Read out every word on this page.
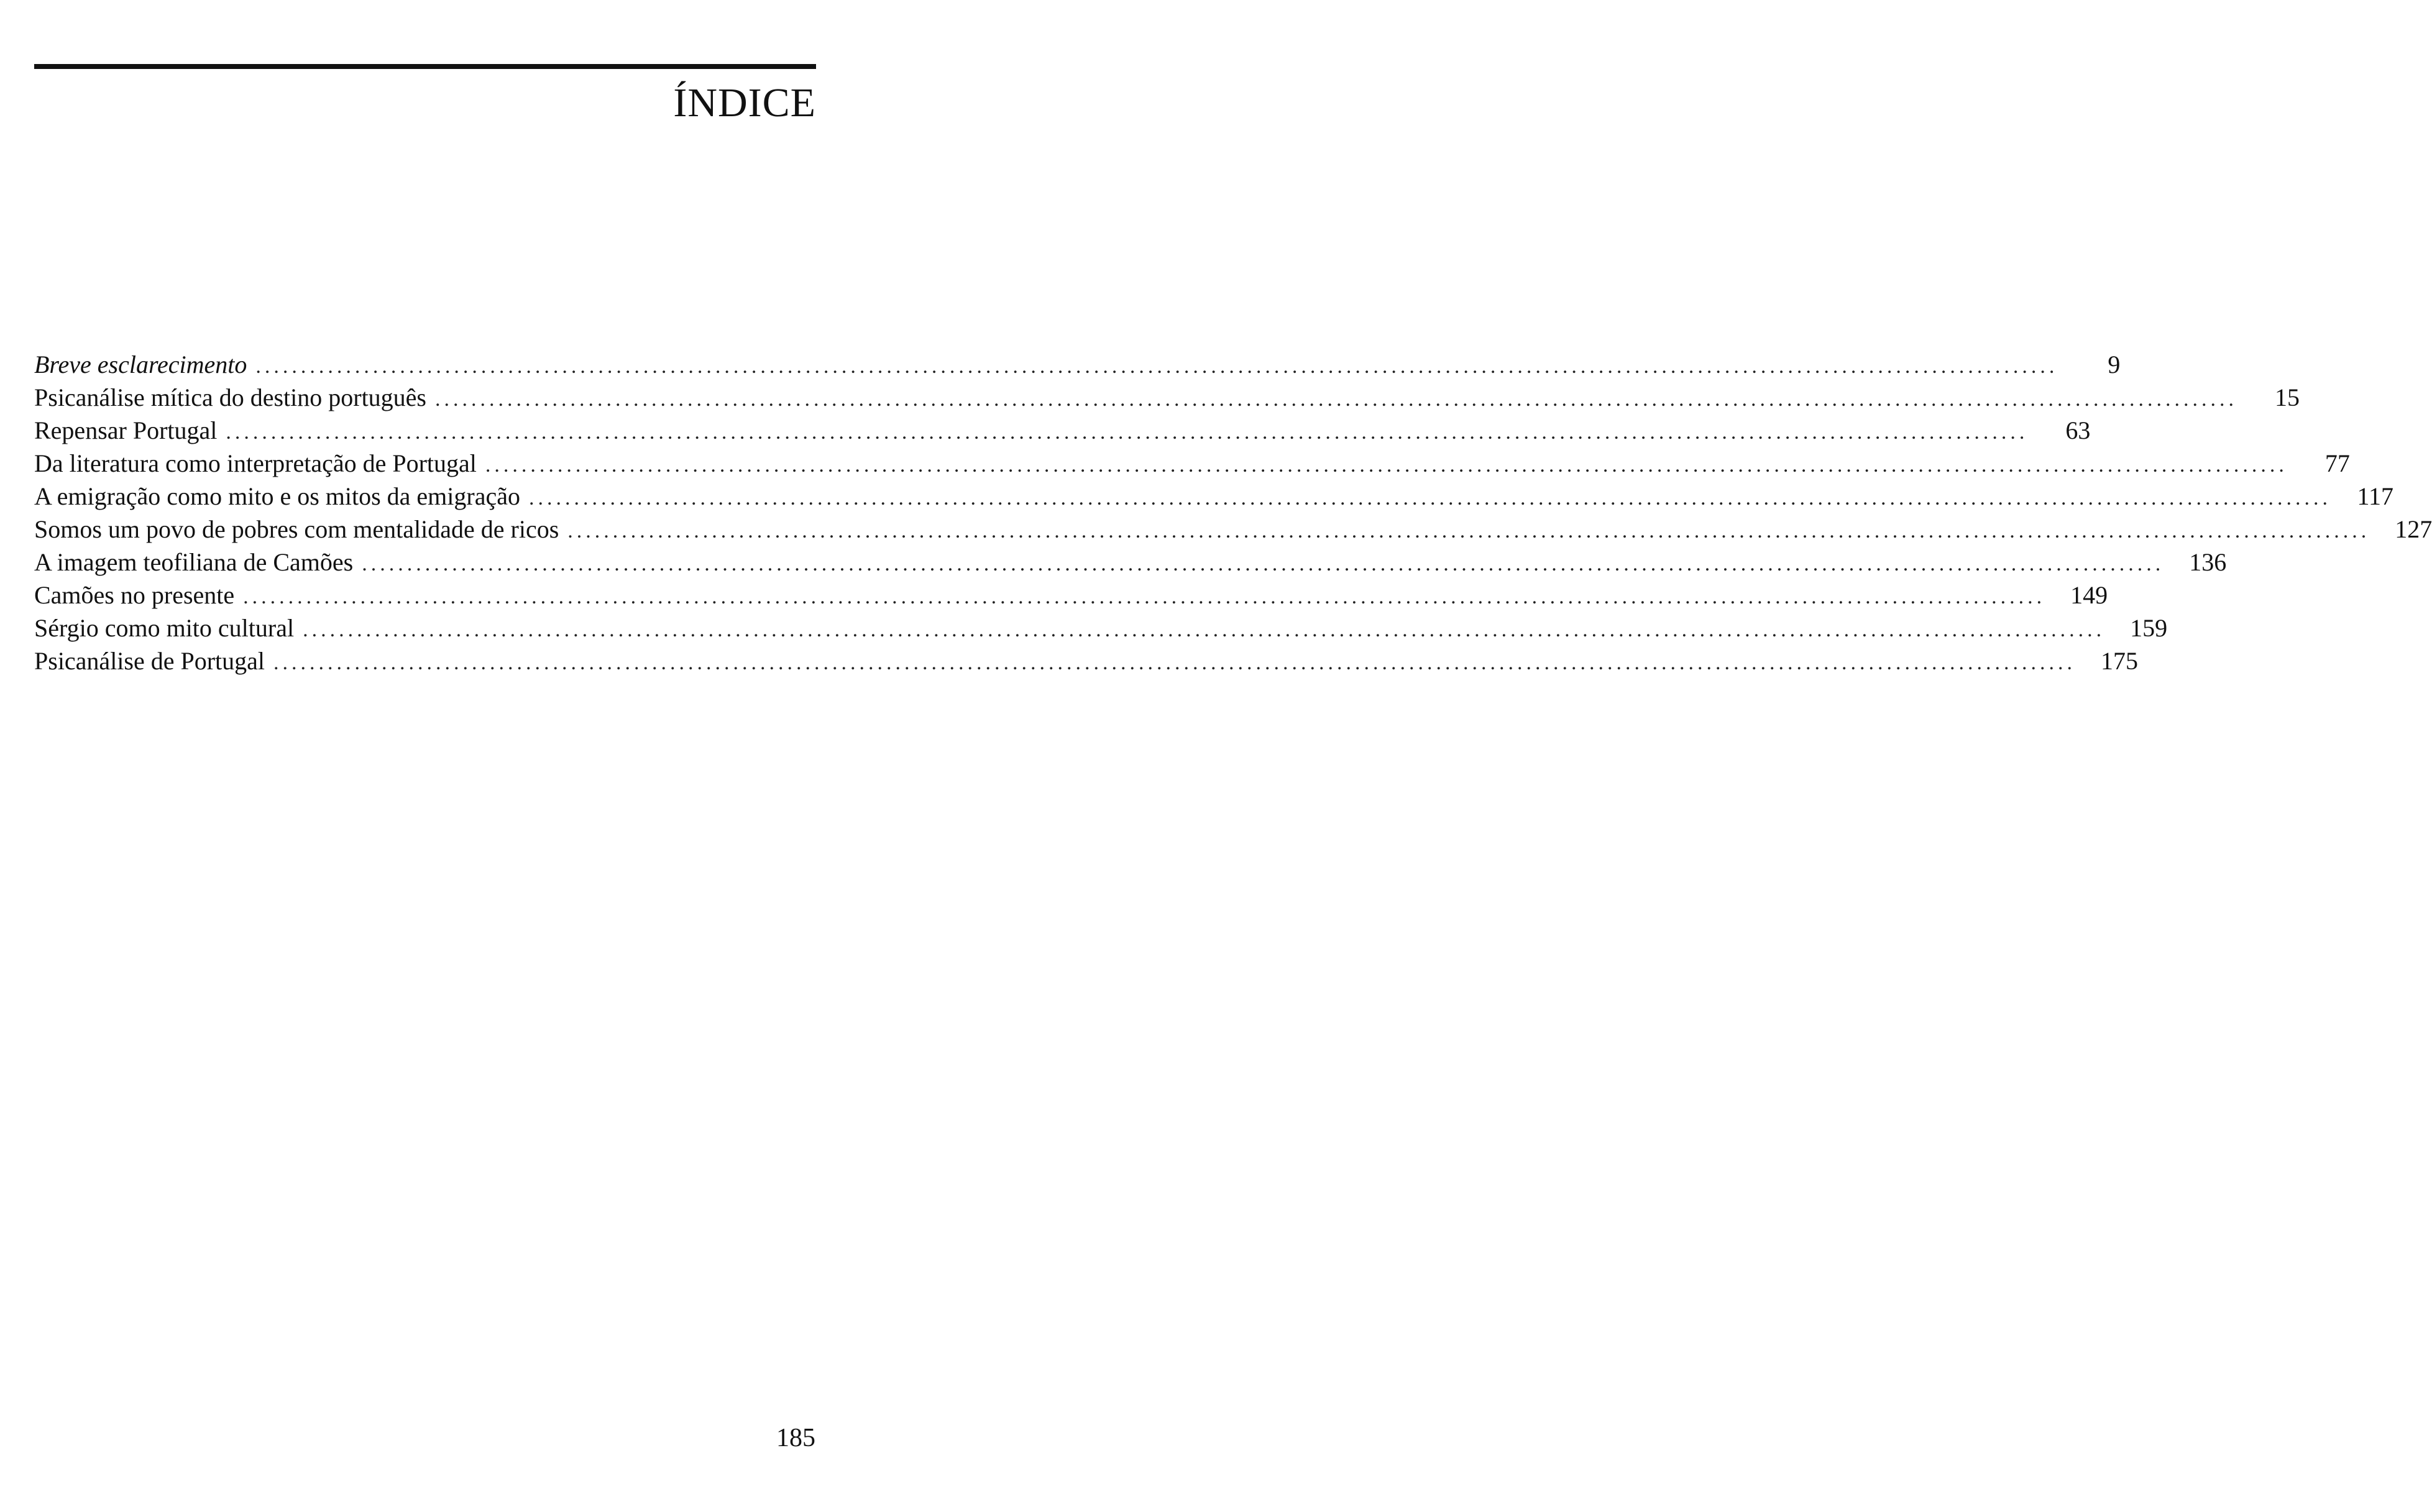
ÍNDICE
Breve esclarecimento ........................................................................................................................................................................................................	9
Psicanálise mítica do destino português ........................................................................................................................................................................................................	15
Repensar Portugal ........................................................................................................................................................................................................	63
Da literatura como interpretação de Portugal ........................................................................................................................................................................................................	77
A emigração como mito e os mitos da emigração ........................................................................................................................................................................................................	117
Somos um povo de pobres com mentalidade de ricos ........................................................................................................................................................................................................	127
A imagem teofiliana de Camões ........................................................................................................................................................................................................	136
Camões no presente ........................................................................................................................................................................................................	149
Sérgio como mito cultural ........................................................................................................................................................................................................	159
Psicanálise de Portugal ........................................................................................................................................................................................................	175
185
